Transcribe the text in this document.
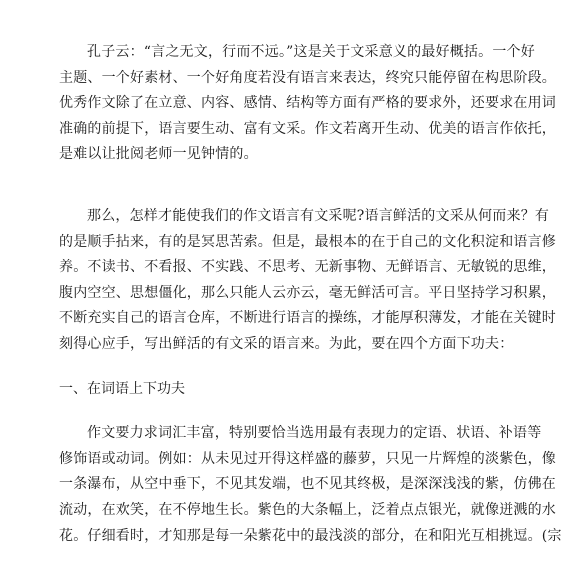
孔子云：“言之无文，行而不远。”这是关于文采意义的最好概括。一个好
主题、一个好素材、一个好角度若没有语言来表达，终究只能停留在构思阶段。
优秀作文除了在立意、内容、感情、结构等方面有严格的要求外，还要求在用词
准确的前提下，语言要生动、富有文采。作文若离开生动、优美的语言作依托，
是难以让批阅老师一见钟情的。
那么，怎样才能使我们的作文语言有文采呢?语言鲜活的文采从何而来？有
的是顺手拈来，有的是冥思苦索。但是，最根本的在于自己的文化积淀和语言修
养。不读书、不看报、不实践、不思考、无新事物、无鲜语言、无敏锐的思维，
腹内空空、思想僵化，那么只能人云亦云，毫无鲜活可言。平日坚持学习积累，
不断充实自己的语言仓库，不断进行语言的操练，才能厚积薄发，才能在关键时
刻得心应手，写出鲜活的有文采的语言来。为此，要在四个方面下功夫：
一、在词语上下功夫
作文要力求词汇丰富，特别要恰当选用最有表现力的定语、状语、补语等
修饰语或动词。例如：从未见过开得这样盛的藤萝，只见一片辉煌的淡紫色，像
一条瀑布，从空中垂下，不见其发端，也不见其终极，是深深浅浅的紫，仿佛在
流动，在欢笑，在不停地生长。紫色的大条幅上，泛着点点银光，就像迸溅的水
花。仔细看时，才知那是每一朵紫花中的最浅淡的部分，在和阳光互相挑逗。(宗
